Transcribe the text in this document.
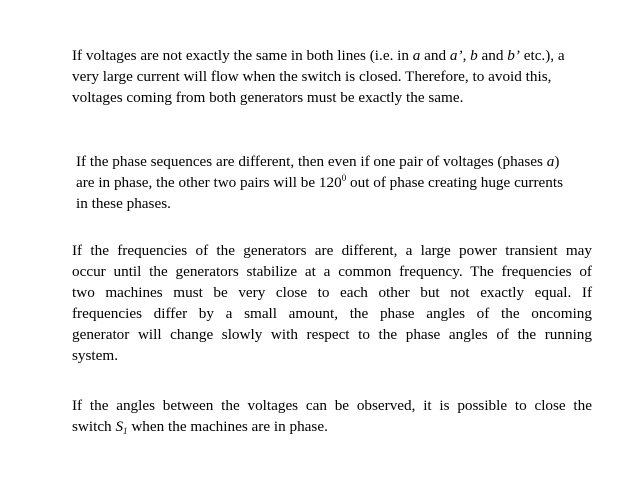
If voltages are not exactly the same in both lines (i.e. in a and a’, b and b’ etc.), a
very large current will flow when the switch is closed. Therefore, to avoid this,
voltages coming from both generators must be exactly the same.
If the phase sequences are different, then even if one pair of voltages (phases a)
are in phase, the other two pairs will be $120^0$ out of phase creating huge currents
in these phases.
If the frequencies of the generators are different, a large power transient may
occur until the generators stabilize at a common frequency. The frequencies of
two machines must be very close to each other but not exactly equal. If
frequencies differ by a small amount, the phase angles of the oncoming
generator will change slowly with respect to the phase angles of the running
system.
If the angles between the voltages can be observed, it is possible to close the
switch $S_1$ when the machines are in phase.
